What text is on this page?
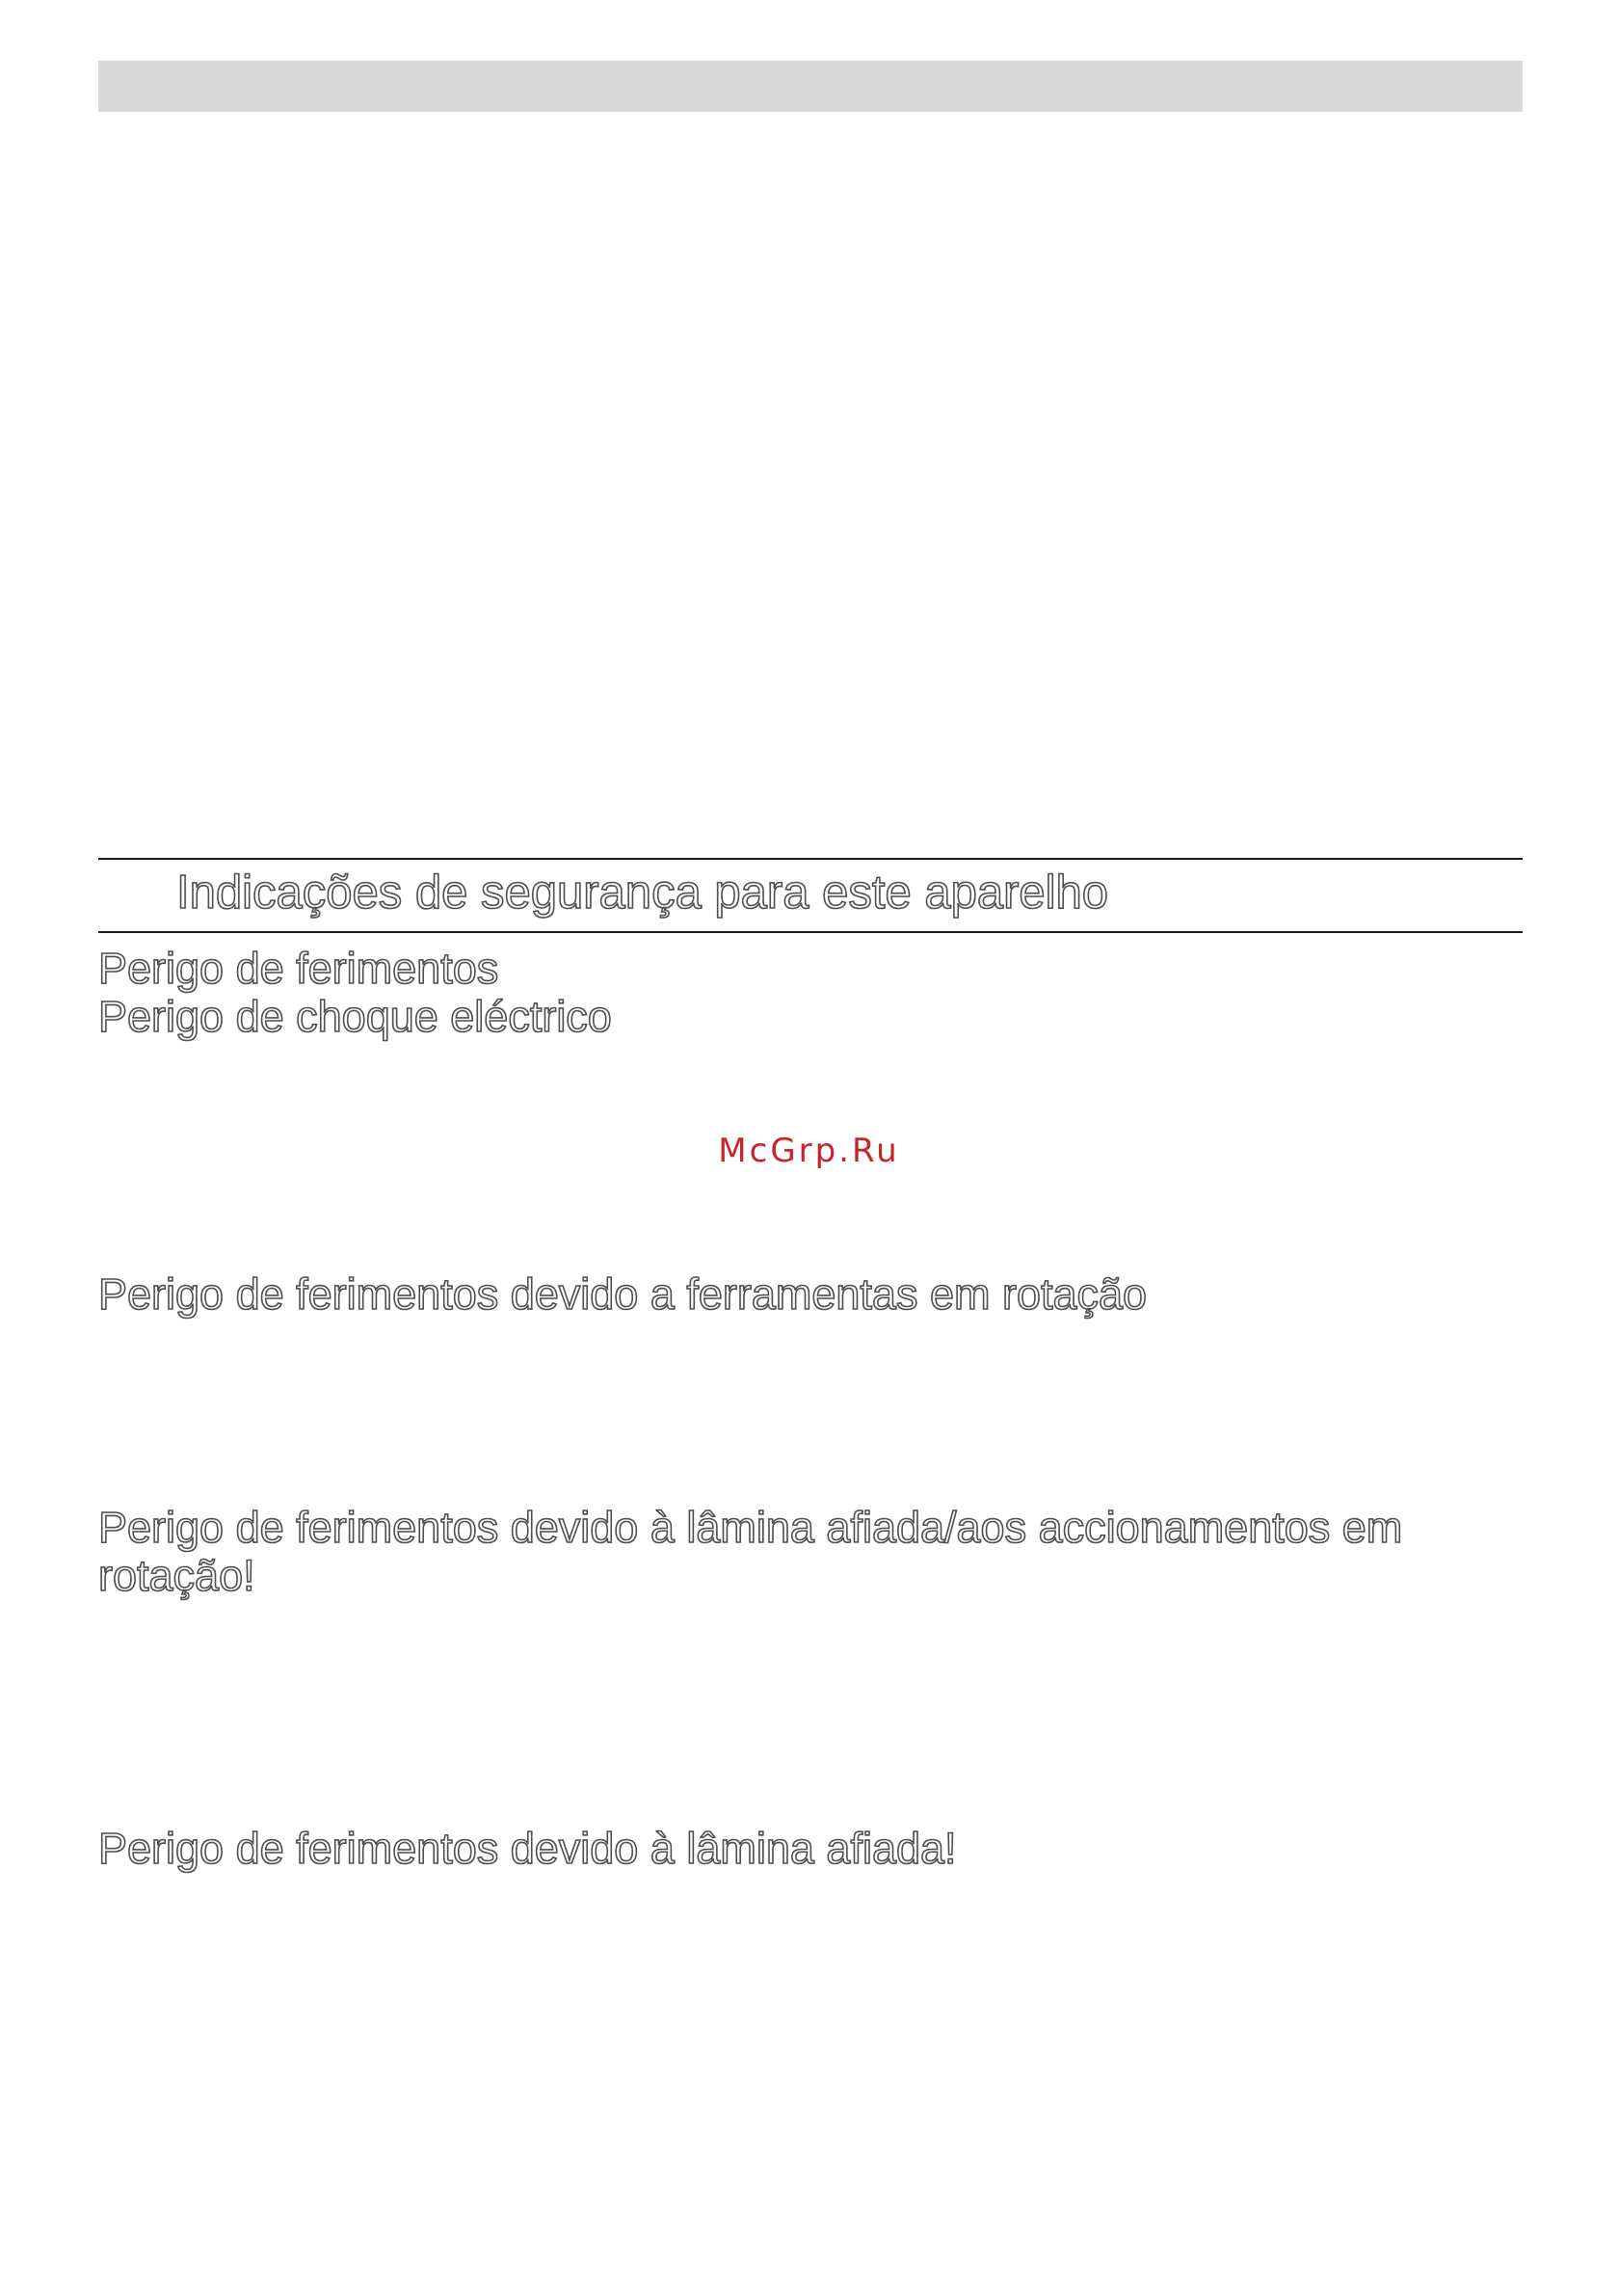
Indicações de segurança para este aparelho
Perigo de ferimentos
Perigo de choque eléctrico
McGrp.Ru
Perigo de ferimentos devido a ferramentas em rotação
Perigo de ferimentos devido à lâmina afiada/aos accionamentos em rotação!
Perigo de ferimentos devido à lâmina afiada!
